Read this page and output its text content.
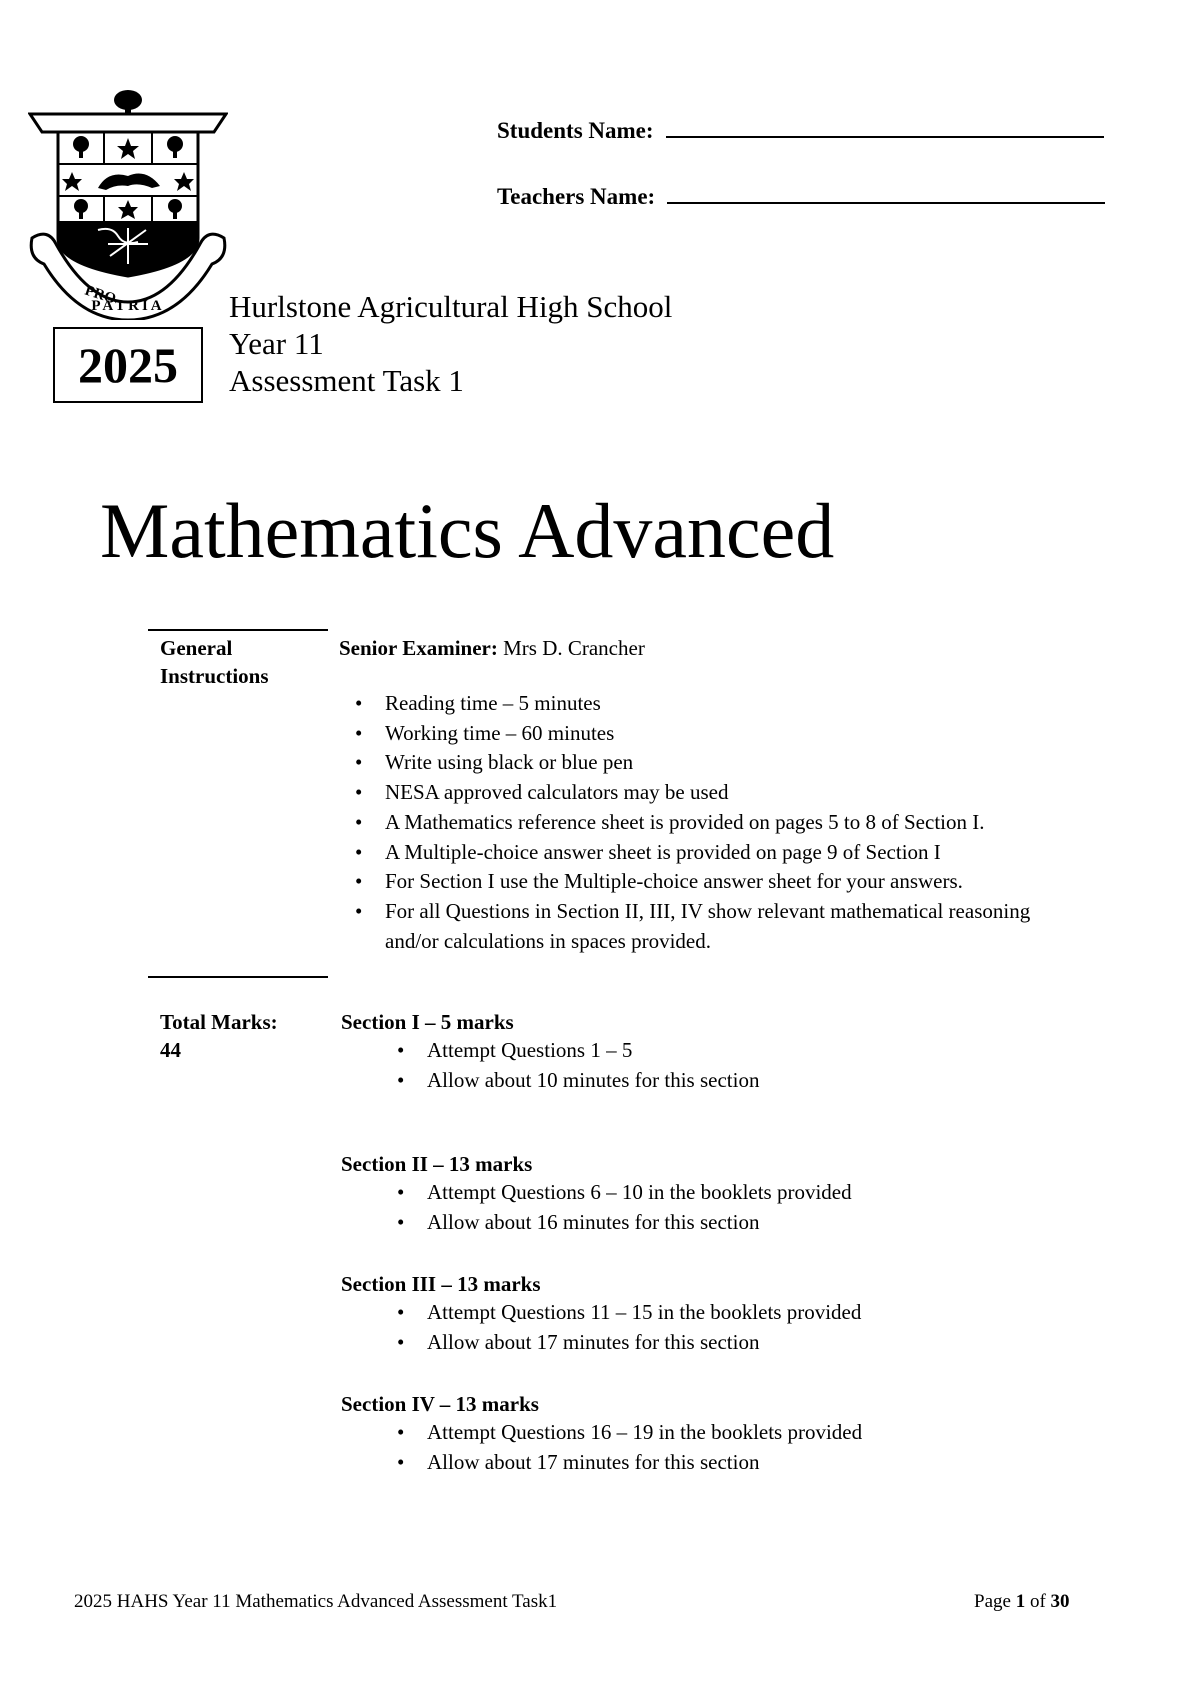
PRO
PATRIA
Students Name:
Teachers Name:
Hurlstone Agricultural High School
Year 11
Assessment Task 1
2025
Mathematics Advanced
General
Instructions
Senior Examiner: Mrs D. Crancher
• Reading time – 5 minutes
• Working time – 60 minutes
• Write using black or blue pen
• NESA approved calculators may be used
• A Mathematics reference sheet is provided on pages 5 to 8 of Section I.
• A Multiple-choice answer sheet is provided on page 9 of Section I
• For Section I use the Multiple-choice answer sheet for your answers.
• For all Questions in Section II, III, IV show relevant mathematical reasoning and/or calculations in spaces provided.
Total Marks:
44
Section I – 5 marks
• Attempt Questions 1 – 5
• Allow about 10 minutes for this section
Section II – 13 marks
• Attempt Questions 6 – 10 in the booklets provided
• Allow about 16 minutes for this section
Section III – 13 marks
• Attempt Questions 11 – 15 in the booklets provided
• Allow about 17 minutes for this section
Section IV – 13 marks
• Attempt Questions 16 – 19 in the booklets provided
• Allow about 17 minutes for this section
2025 HAHS Year 11 Mathematics Advanced Assessment Task1	Page 1 of 30
